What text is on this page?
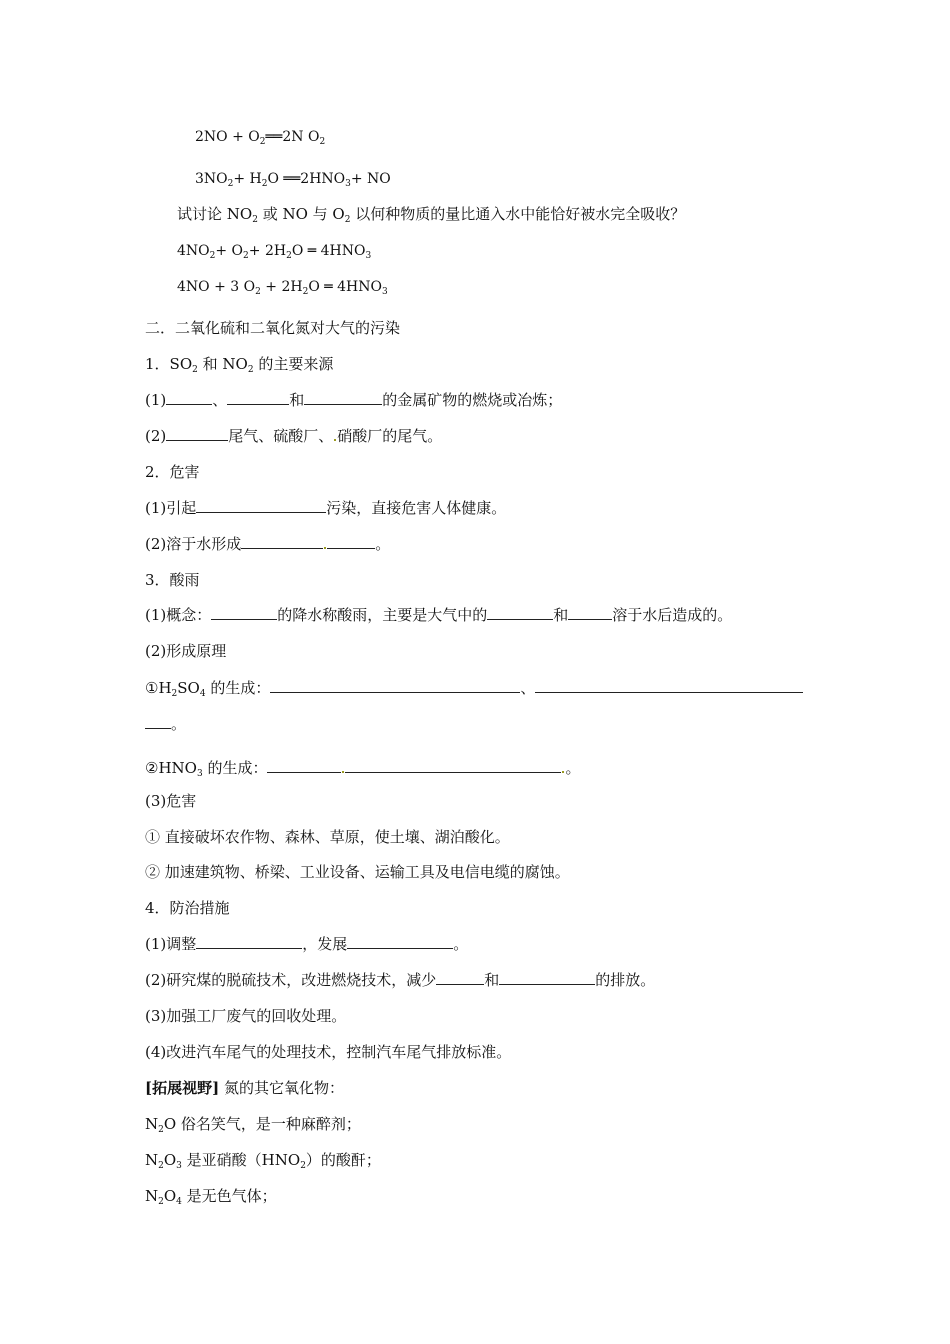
$2NO + O_2══2N$ $O_2$
$3NO_2+ H_2O$ $══2HNO_3+$ NO
试讨论 $NO_2$ 或 NO 与 $O_2$ 以何种物质的量比通入水中能恰好被水完全吸收？
$4NO_2+ O_2+ 2H_2O$ ═ $4HNO_3$
4NO + 3 $O_2 + 2H_2O$ ═ $4HNO_3$
二．二氧化硫和二氧化氮对大气的污染
1．$SO_2$ 和 $NO_2$ 的主要来源
(1)	、	和	的金属矿物的燃烧或冶炼；
(2)	尾气、硫酸厂、 硝酸厂的尾气。
2．危害
(1)引起	污染，直接危害人体健康。
(2)溶于水形成	。
3．酸雨
(1)概念：	的降水称酸雨，主要是大气中的	和	溶于水后造成的。
(2)形成原理
$①H_2SO_4$ 的生成：	、
。
$②HNO_3$ 的生成：	。
(3)危害
① 直接破坏农作物、森林、草原，使土壤、湖泊酸化。
② 加速建筑物、桥梁、工业设备、运输工具及电信电缆的腐蚀。
4．防治措施
(1)调整	，发展	。
(2)研究煤的脱硫技术，改进燃烧技术，减少	和	的排放。
(3)加强工厂废气的回收处理。
(4)改进汽车尾气的处理技术，控制汽车尾气排放标准。
[拓展视野] 氮的其它氧化物：
$N_2O$ 俗名笑气，是一种麻醉剂；
$N_2O_3$ 是亚硝酸$(HNO_2)$的酸酐；
$N_2O_4$ 是无色气体；
